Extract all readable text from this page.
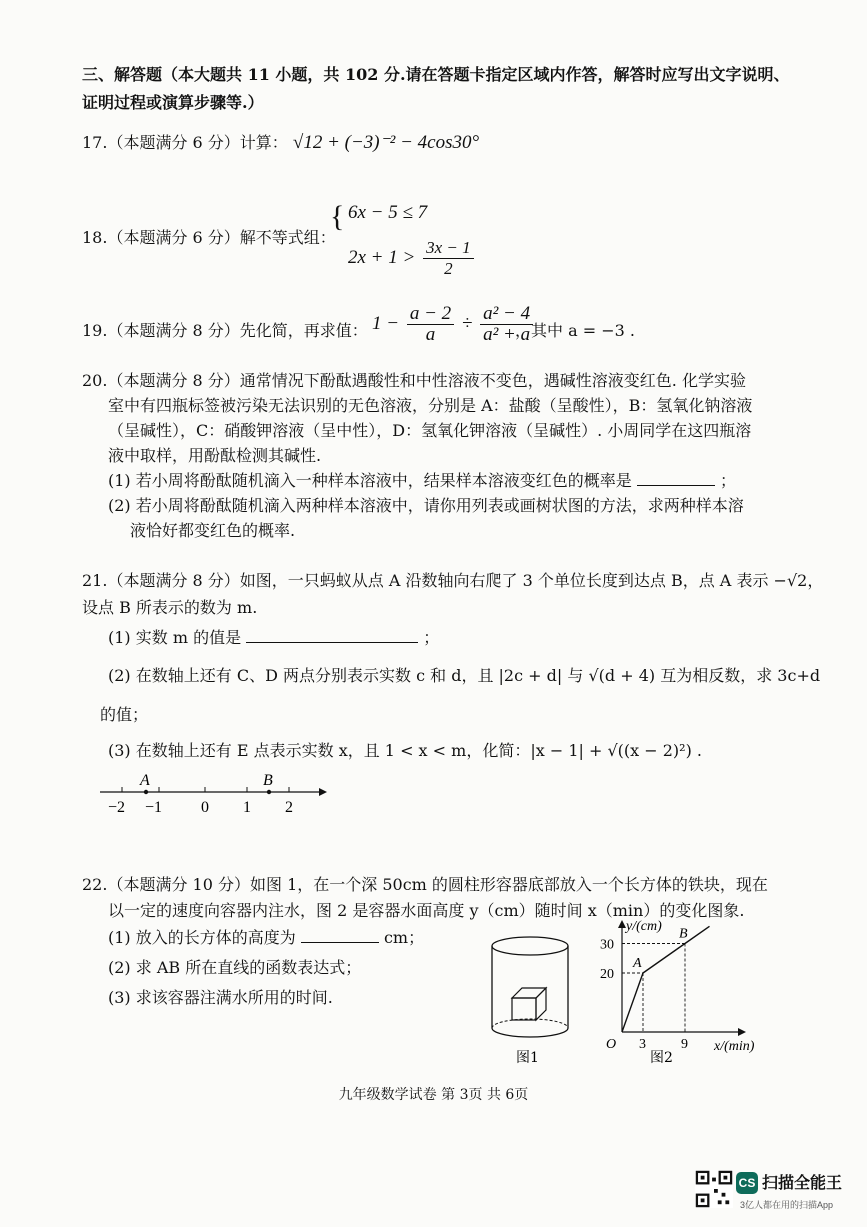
三、解答题（本大题共 11 小题，共 102 分.请在答题卡指定区域内作答，解答时应写出文字说明、
证明过程或演算步骤等.）
17.（本题满分 6 分）计算： √12 + (−3)⁻² − 4cos30°
18.（本题满分 6 分）解不等式组：
{ 6x − 5 ≤ 7
$2x + 1 > \frac{3x - 1}{2}$
19.（本题满分 8 分）先化简，再求值： $1 - \frac{a - 2}{a} \div \frac{\text{a² − 4}}{\text{a² + a}}$
，其中 a = −3 .
20.（本题满分 8 分）通常情况下酚酞遇酸性和中性溶液不变色，遇碱性溶液变红色. 化学实验
室中有四瓶标签被污染无法识别的无色溶液，分别是 A：盐酸（呈酸性），B：氢氧化钠溶液
（呈碱性），C：硝酸钾溶液（呈中性），D：氢氧化钾溶液（呈碱性）. 小周同学在这四瓶溶
液中取样，用酚酞检测其碱性.
(1) 若小周将酚酞随机滴入一种样本溶液中，结果样本溶液变红色的概率是	；
(2) 若小周将酚酞随机滴入两种样本溶液中，请你用列表或画树状图的方法，求两种样本溶
液恰好都变红色的概率.
21.（本题满分 8 分）如图，一只蚂蚁从点 A 沿数轴向右爬了 3 个单位长度到达点 B，点 A 表示 −√2，
设点 B 所表示的数为 m.
(1) 实数 m 的值是	；
(2) 在数轴上还有 C、D 两点分别表示实数 c 和 d，且 |2c + d| 与 √(d + 4) 互为相反数，求 3c+d
的值；
(3) 在数轴上还有 E 点表示实数 x，且 1 < x < m，化简：|x − 1| + √((x − 2)²) .
A	B
−2 −1 0 1 2
22.（本题满分 10 分）如图 1，在一个深 50cm 的圆柱形容器底部放入一个长方体的铁块，现在
以一定的速度向容器内注水，图 2 是容器水面高度 y（cm）随时间 x（min）的变化图象.
(1) 放入的长方体的高度为	cm；
(2) 求 AB 所在直线的函数表达式；
(3) 求该容器注满水所用的时间.
图1
20
3
A
30
9
B
y/(cm)
x/(min)
O
图2
九年级数学试卷 第 3页 共 6页
CS 扫描全能王
3亿人都在用的扫描App
